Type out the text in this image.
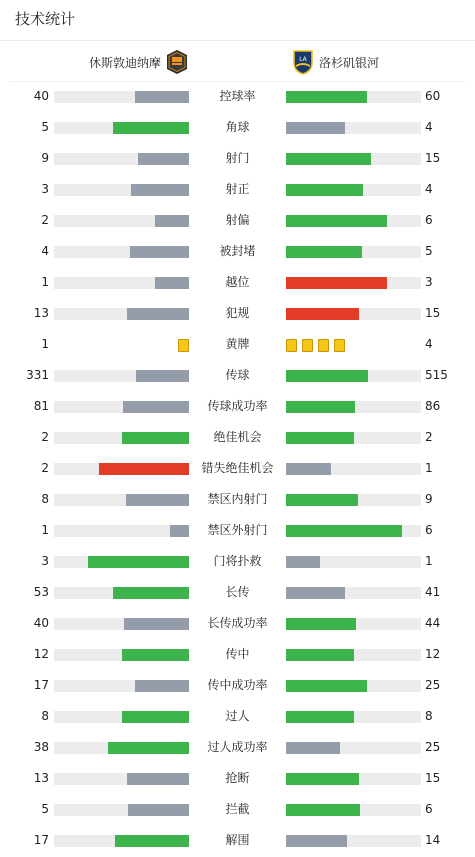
技术统计
休斯敦迪纳摩	LA 洛杉矶银河
40	控球率	60
5	角球	4
9	射门	15
3	射正	4
2	射偏	6
4	被封堵	5
1	越位	3
13	犯规	15
1	黄牌	4
331	传球	515
81	传球成功率	86
2	绝佳机会	2
2	错失绝佳机会	1
8	禁区内射门	9
1	禁区外射门	6
3	门将扑救	1
53	长传	41
40	长传成功率	44
12	传中	12
17	传中成功率	25
8	过人	8
38	过人成功率	25
13	抢断	15
5	拦截	6
17	解围	14
